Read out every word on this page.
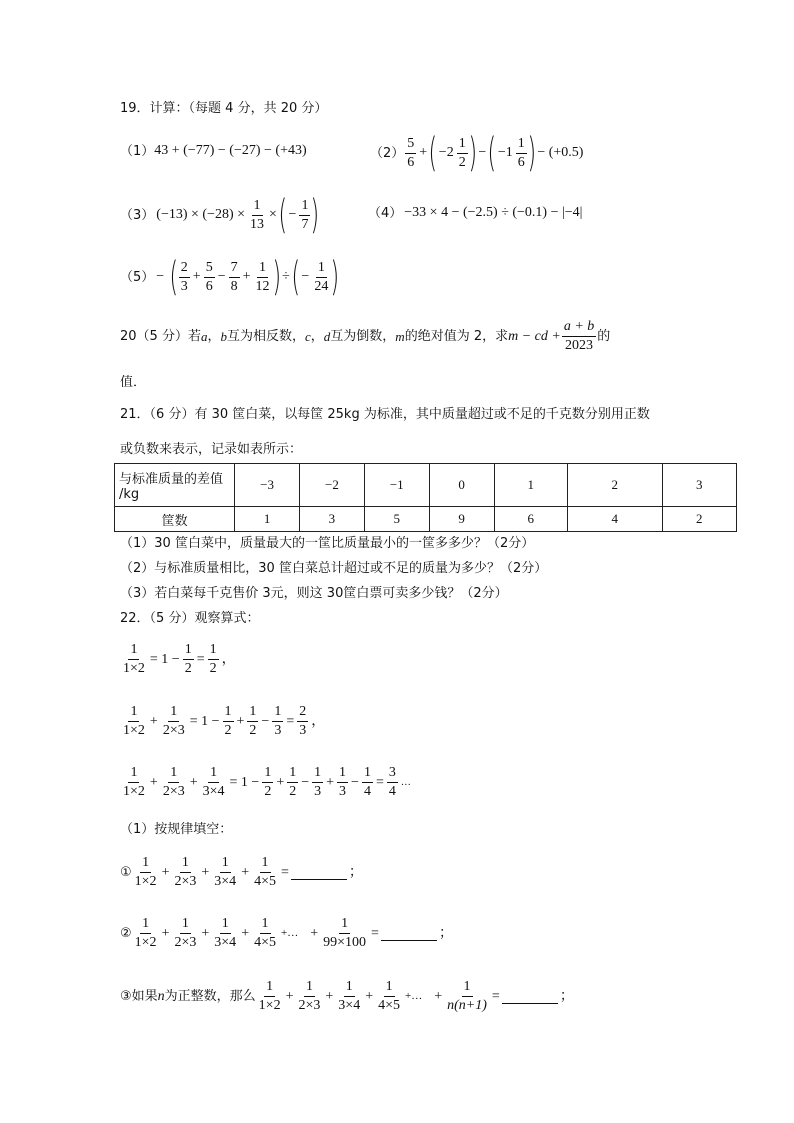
19．计算：（每题 4 分，共 20 分）
（1） 43 + (−77) − (−27) − (+43)	$(2) \frac{5}{6}$ + ( $-2 \frac{1}{2}$ ) − ( $-1 \frac{1}{6}$ ) − (+0.5)
（3） $(-13) \times (-28) \times \frac{1}{13}$ × ( − $\frac{1}{7}$ )	（4） −33 × 4 − (−2.5) ÷ (−0.1) − |−4|
（5） − ( $\frac{2}{3} + \frac{5}{6} - \frac{7}{8} + \frac{1}{12}$ ) ÷ ( − $\frac{1}{24}$ )
20（5 分）若 a ， b 互为相反数， c ， d 互为倒数， m 的绝对值为 2，求 m − cd + $\frac{a + b}{2023}$ 的
值．
21．（6 分）有 30 筐白菜，以每筐 25kg 为标准，其中质量超过或不足的千克数分别用正数
或负数来表示，记录如表所示：
与标准质量的差值 /kg	−3	−2	−1	0	1	2	3
筐数	1	3	5	9	6	4	2
（1）30 筐白菜中，质量最大的一筐比质量最小的一筐多多少？（2分）
（2）与标准质量相比，30 筐白菜总计超过或不足的质量为多少？（2分）
（3）若白菜每千克售价 3元，则这 30筐白票可卖多少钱？（2分）
22．（5 分）观察算式：
$\frac{1}{1\times 2} = 1 - \frac{1}{2} = \frac{1}{2}$ ，
$\frac{1}{1\times 2} + \frac{1}{2\times 3} = 1 - \frac{1}{2} + \frac{1}{2} - \frac{1}{3} = \frac{2}{3}$ ，
$\frac{1}{1\times 2} + \frac{1}{2\times 3} + \frac{1}{3\times 4} = 1 - \frac{1}{2} + \frac{1}{2} - \frac{1}{3} + \frac{1}{3} - \frac{1}{4} = \frac{3}{4}$ …
（1）按规律填空：
① $\frac{1}{1\times 2} + \frac{1}{2\times 3} + \frac{1}{3\times 4} + \frac{1}{4\times 5}$ =	；
② $\frac{1}{1\times 2} + \frac{1}{2\times 3} + \frac{1}{3\times 4} + \frac{1}{4\times 5}$ +… + $\frac{1}{99\times 100}$ =	；
③如果 n 为正整数，那么 $\frac{1}{1\times 2} + \frac{1}{2\times 3} + \frac{1}{3\times 4} + \frac{1}{4\times 5}$ +… + $\frac{1}{n(n+1)}$ =	；
